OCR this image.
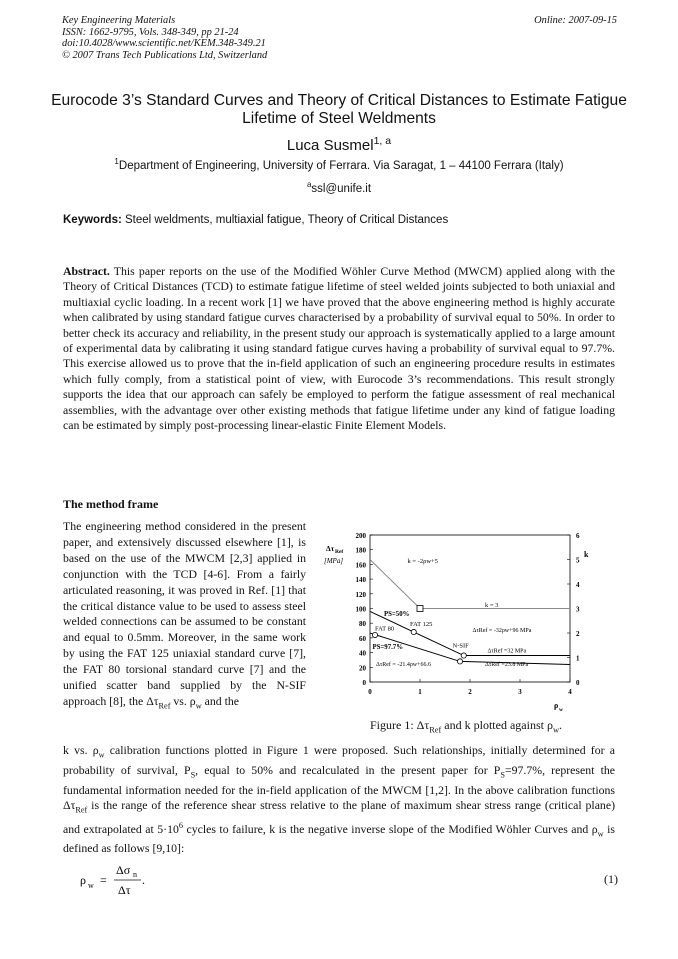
Key Engineering Materials
ISSN: 1662-9795, Vols. 348-349, pp 21-24
doi:10.4028/www.scientific.net/KEM.348-349.21
© 2007 Trans Tech Publications Ltd, Switzerland
Online: 2007-09-15
Eurocode 3’s Standard Curves and Theory of Critical Distances to Estimate Fatigue Lifetime of Steel Weldments
Luca Susmel$^{1, a}$
$^1$Department of Engineering, University of Ferrara. Via Saragat, 1 – 44100 Ferrara (Italy)
$^a$ssl@unife.it
Keywords: Steel weldments, multiaxial fatigue, Theory of Critical Distances
Abstract. This paper reports on the use of the Modified Wöhler Curve Method (MWCM) applied along with the Theory of Critical Distances (TCD) to estimate fatigue lifetime of steel welded joints subjected to both uniaxial and multiaxial cyclic loading. In a recent work [1] we have proved that the above engineering method is highly accurate when calibrated by using standard fatigue curves characterised by a probability of survival equal to 50%. In order to better check its accuracy and reliability, in the present study our approach is systematically applied to a large amount of experimental data by calibrating it using standard fatigue curves having a probability of survival equal to 97.7%. This exercise allowed us to prove that the in-field application of such an engineering procedure results in estimates which fully comply, from a statistical point of view, with Eurocode 3’s recommendations. This result strongly supports the idea that our approach can safely be employed to perform the fatigue assessment of real mechanical assemblies, with the advantage over other existing methods that fatigue lifetime under any kind of fatigue loading can be estimated by simply post-processing linear-elastic Finite Element Models.
The method frame
The engineering method considered in the present paper, and extensively discussed elsewhere [1], is based on the use of the MWCM [2,3] applied in conjunction with the TCD [4-6]. From a fairly articulated reasoning, it was proved in Ref. [1] that the critical distance value to be used to assess steel welded connections can be assumed to be constant and equal to 0.5mm. Moreover, in the same work by using the FAT 125 uniaxial standard curve [7], the FAT 80 torsional standard curve [7] and the unified scatter band supplied by the N-SIF approach [8], the $\Delta\tau_{Ref}$ vs. $\rho_w$ and the
0
20
40
60
80
100
120
140
160
180
200
0
1
2
3
4
5
6
0	1	2	3	4
Δτ Ref
[MPa]
k
ρ w
k = -2ρw+5
k = 3
PS=50%
FAT 125
FAT 80	ΔτRef = -32ρw+96 MPa
N-SIF
PS=97.7%
ΔτRef =32 MPa
ΔτRef = -21.4ρw+66.6	ΔτRef =23.8 MPa
Figure 1: $\Delta\tau_{Ref}$ and k plotted against $\rho_w$.
k vs. $\rho_w$ calibration functions plotted in Figure 1 were proposed. Such relationships, initially determined for a probability of survival, $P_S$, equal to 50% and recalculated in the present paper for $P_S=97.7\%$, represent the fundamental information needed for the in-field application of the MWCM [1,2]. In the above calibration functions $\Delta\tau_{Ref}$ is the range of the reference shear stress relative to the plane of maximum shear stress range (critical plane) and extrapolated at $5\cdot 10^6$ cycles to failure, k is the negative inverse slope of the Modified Wöhler Curves and $\rho_w$ is defined as follows [9,10]:
ρ w =
Δσ n
Δτ
.	(1)
